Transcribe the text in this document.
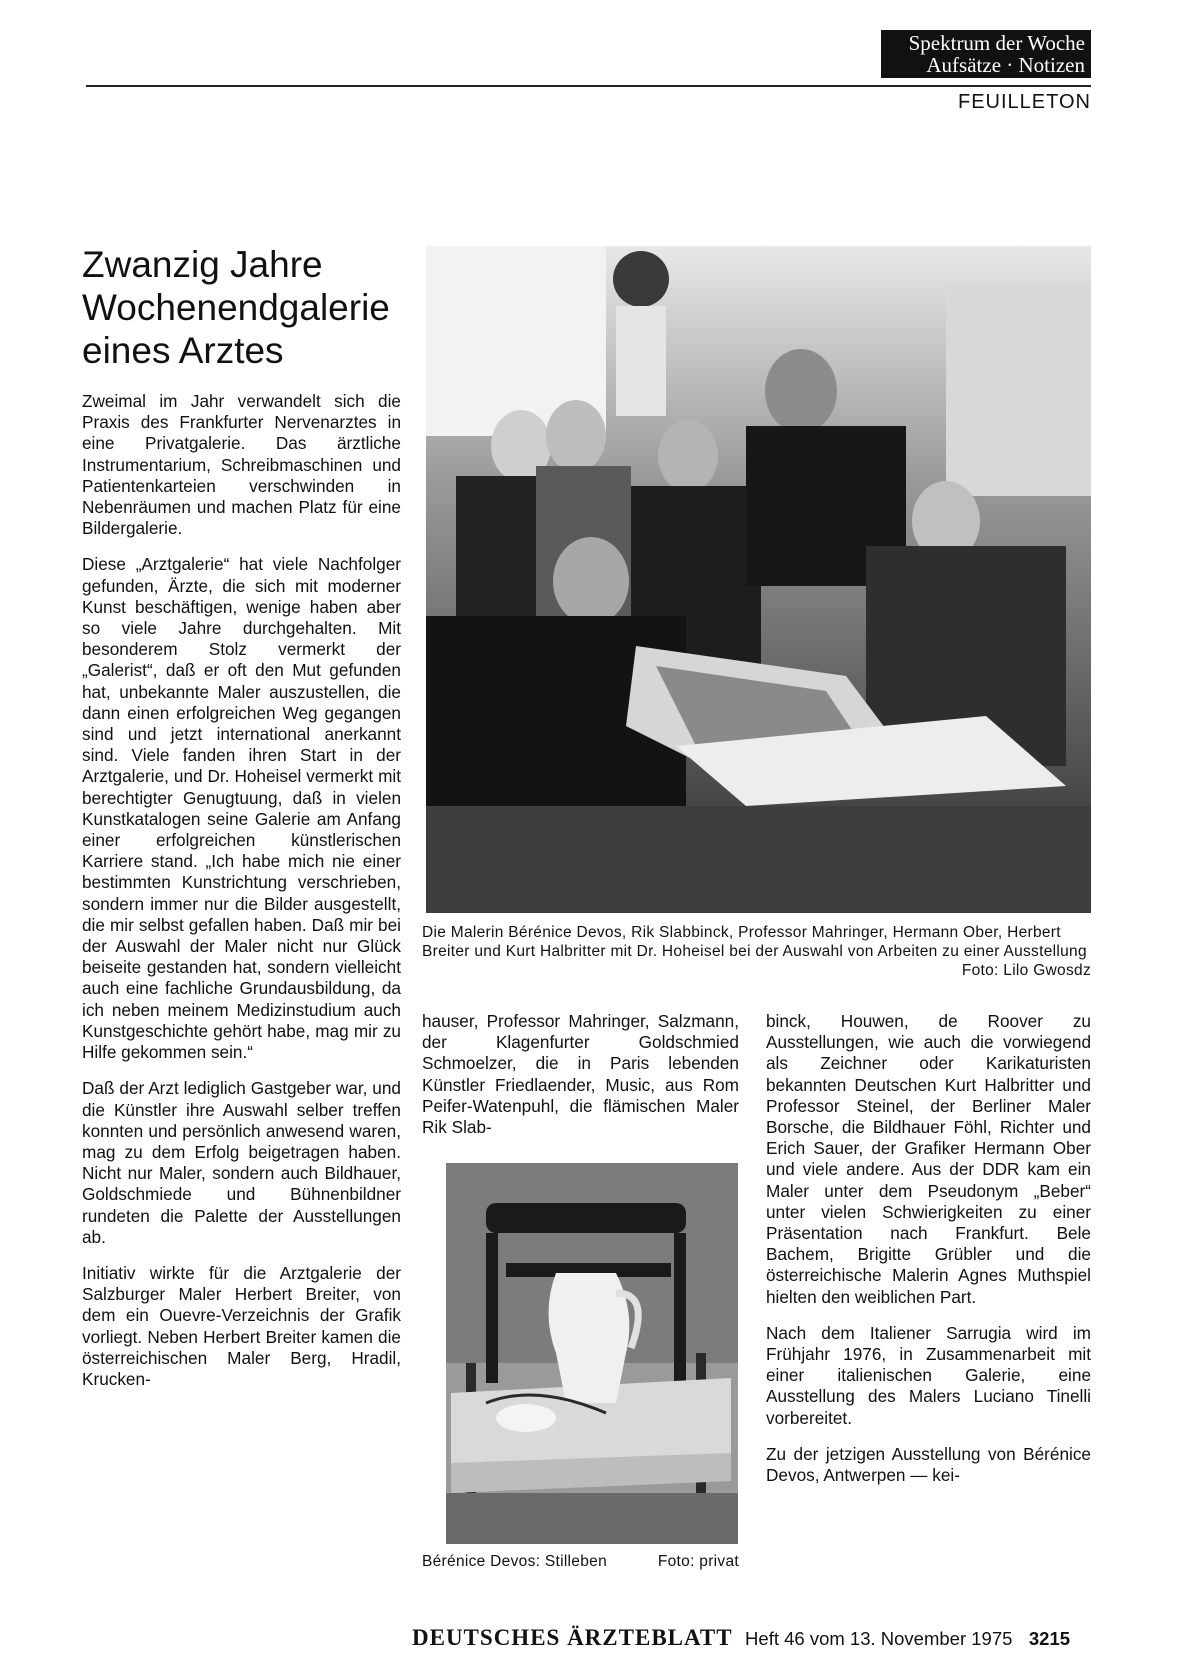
Spektrum der Woche
Aufsätze · Notizen
FEUILLETON
Zwanzig Jahre
Wochenendgalerie
eines Arztes

Zweimal im Jahr verwandelt sich die Praxis des Frankfurter Nervenarztes in eine Privatgalerie. Das ärztliche Instrumentarium, Schreibmaschinen und Patientenkarteien verschwinden in Nebenräumen und machen Platz für eine Bildergalerie.

Diese „Arztgalerie“ hat viele Nachfolger gefunden, Ärzte, die sich mit moderner Kunst beschäftigen, wenige haben aber so viele Jahre durchgehalten. Mit besonderem Stolz vermerkt der „Galerist“, daß er oft den Mut gefunden hat, unbekannte Maler auszustellen, die dann einen erfolgreichen Weg gegangen sind und jetzt international anerkannt sind. Viele fanden ihren Start in der Arztgalerie, und Dr. Hoheisel vermerkt mit berechtigter Genugtuung, daß in vielen Kunstkatalogen seine Galerie am Anfang einer erfolgreichen künstlerischen Karriere stand. „Ich habe mich nie einer bestimmten Kunstrichtung verschrieben, sondern immer nur die Bilder ausgestellt, die mir selbst gefallen haben. Daß mir bei der Auswahl der Maler nicht nur Glück beiseite gestanden hat, sondern vielleicht auch eine fachliche Grundausbildung, da ich neben meinem Medizinstudium auch Kunstgeschichte gehört habe, mag mir zu Hilfe gekommen sein.“

Daß der Arzt lediglich Gastgeber war, und die Künstler ihre Auswahl selber treffen konnten und persönlich anwesend waren, mag zu dem Erfolg beigetragen haben. Nicht nur Maler, sondern auch Bildhauer, Goldschmiede und Bühnenbildner rundeten die Palette der Ausstellungen ab.

Initiativ wirkte für die Arztgalerie der Salzburger Maler Herbert Breiter, von dem ein Ouevre-Verzeichnis der Grafik vorliegt. Neben Herbert Breiter kamen die österreichischen Maler Berg, Hradil, Krucken-

Die Malerin Bérénice Devos, Rik Slabbinck, Professor Mahringer, Hermann Ober, Herbert Breiter und Kurt Halbritter mit Dr. Hoheisel bei der Auswahl von Arbeiten zu einer Ausstellung
Foto: Lilo Gwosdz

hauser, Professor Mahringer, Salzmann, der Klagenfurter Goldschmied Schmoelzer, die in Paris lebenden Künstler Friedlaender, Music, aus Rom Peifer-Watenpuhl, die flämischen Maler Rik Slab-

Bérénice Devos: Stilleben	Foto: privat

binck, Houwen, de Roover zu Ausstellungen, wie auch die vorwiegend als Zeichner oder Karikaturisten bekannten Deutschen Kurt Halbritter und Professor Steinel, der Berliner Maler Borsche, die Bildhauer Föhl, Richter und Erich Sauer, der Grafiker Hermann Ober und viele andere. Aus der DDR kam ein Maler unter dem Pseudonym „Beber“ unter vielen Schwierigkeiten zu einer Präsentation nach Frankfurt. Bele Bachem, Brigitte Grübler und die österreichische Malerin Agnes Muthspiel hielten den weiblichen Part.

Nach dem Italiener Sarrugia wird im Frühjahr 1976, in Zusammenarbeit mit einer italienischen Galerie, eine Ausstellung des Malers Luciano Tinelli vorbereitet.

Zu der jetzigen Ausstellung von Bérénice Devos, Antwerpen — kei-

DEUTSCHES ÄRZTEBLATT Heft 46 vom 13. November 1975 3215
